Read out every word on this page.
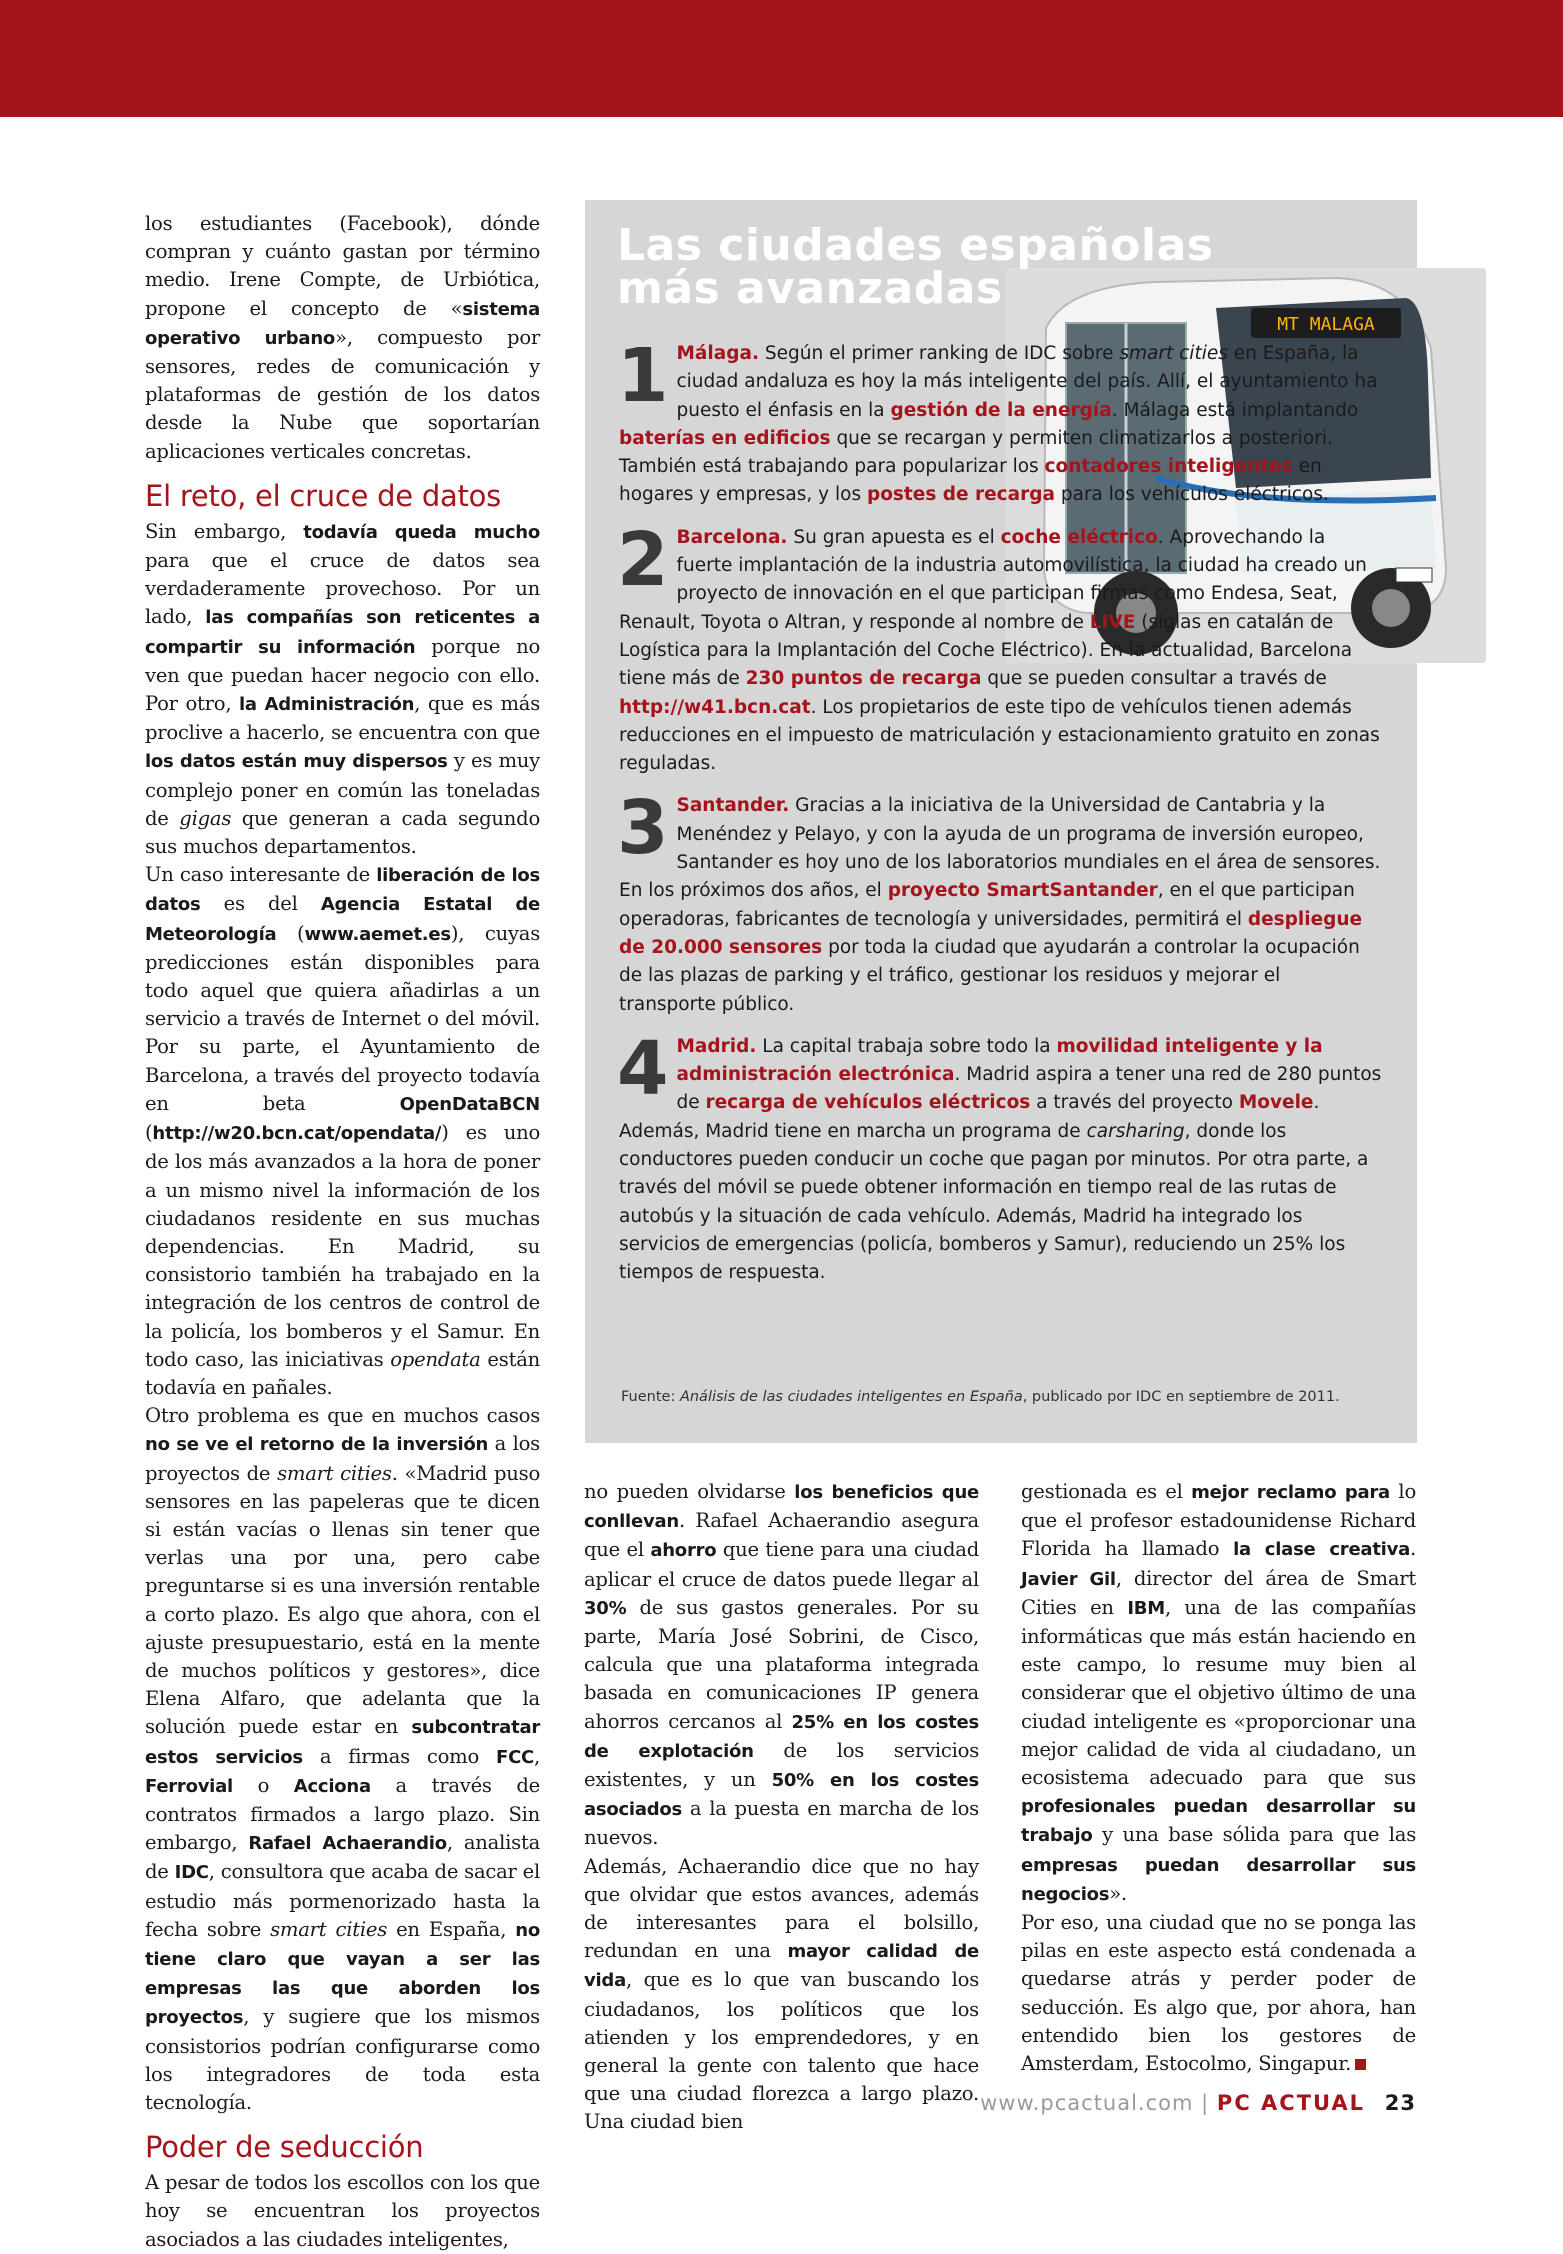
los estudiantes (Facebook), dónde compran y cuánto gastan por término medio. Irene Compte, de Urbiótica, propone el concepto de «sistema operativo urbano», compuesto por sensores, redes de comunicación y plataformas de gestión de los datos desde la Nube que soportarían aplicaciones verticales concretas.

El reto, el cruce de datos

Sin embargo, todavía queda mucho para que el cruce de datos sea verdaderamente provechoso. Por un lado, las compañías son reticentes a compartir su información porque no ven que puedan hacer negocio con ello. Por otro, la Administración, que es más proclive a hacerlo, se encuentra con que los datos están muy dispersos y es muy complejo poner en común las toneladas de gigas que generan a cada segundo sus muchos departamentos.

Un caso interesante de liberación de los datos es del Agencia Estatal de Meteorología (www.aemet.es), cuyas predicciones están disponibles para todo aquel que quiera añadirlas a un servicio a través de Internet o del móvil. Por su parte, el Ayuntamiento de Barcelona, a través del proyecto todavía en beta OpenDataBCN (http://w20.bcn.cat/opendata/) es uno de los más avanzados a la hora de poner a un mismo nivel la información de los ciudadanos residente en sus muchas dependencias. En Madrid, su consistorio también ha trabajado en la integración de los centros de control de la policía, los bomberos y el Samur. En todo caso, las iniciativas opendata están todavía en pañales.

Otro problema es que en muchos casos no se ve el retorno de la inversión a los proyectos de smart cities. «Madrid puso sensores en las papeleras que te dicen si están vacías o llenas sin tener que verlas una por una, pero cabe preguntarse si es una inversión rentable a corto plazo. Es algo que ahora, con el ajuste presupuestario, está en la mente de muchos políticos y gestores», dice Elena Alfaro, que adelanta que la solución puede estar en subcontratar estos servicios a firmas como FCC, Ferrovial o Acciona a través de contratos firmados a largo plazo. Sin embargo, Rafael Achaerandio, analista de IDC, consultora que acaba de sacar el estudio más pormenorizado hasta la fecha sobre smart cities en España, no tiene claro que vayan a ser las empresas las que aborden los proyectos, y sugiere que los mismos consistorios podrían configurarse como los integradores de toda esta tecnología.

Poder de seducción

A pesar de todos los escollos con los que hoy se encuentran los proyectos asociados a las ciudades inteligentes,

MT MALAGA
Las ciudades españolas
más avanzadas
1 Málaga. Según el primer ranking de IDC sobre smart cities en España, la ciudad andaluza es hoy la más inteligente del país. Allí, el ayuntamiento ha puesto el énfasis en la gestión de la energía. Málaga está implantando baterías en edificios que se recargan y permiten climatizarlos a posteriori. También está trabajando para popularizar los contadores inteligentes en hogares y empresas, y los postes de recarga para los vehículos eléctricos.

2 Barcelona. Su gran apuesta es el coche eléctrico. Aprovechando la fuerte implantación de la industria automovilística, la ciudad ha creado un proyecto de innovación en el que participan firmas como Endesa, Seat, Renault, Toyota o Altran, y responde al nombre de LIVE (siglas en catalán de Logística para la Implantación del Coche Eléctrico). En la actualidad, Barcelona tiene más de 230 puntos de recarga que se pueden consultar a través de http://w41.bcn.cat. Los propietarios de este tipo de vehículos tienen además reducciones en el impuesto de matriculación y estacionamiento gratuito en zonas reguladas.

3 Santander. Gracias a la iniciativa de la Universidad de Cantabria y la Menéndez y Pelayo, y con la ayuda de un programa de inversión europeo, Santander es hoy uno de los laboratorios mundiales en el área de sensores. En los próximos dos años, el proyecto SmartSantander, en el que participan operadoras, fabricantes de tecnología y universidades, permitirá el despliegue de 20.000 sensores por toda la ciudad que ayudarán a controlar la ocupación de las plazas de parking y el tráfico, gestionar los residuos y mejorar el transporte público.

4 Madrid. La capital trabaja sobre todo la movilidad inteligente y la administración electrónica. Madrid aspira a tener una red de 280 puntos de recarga de vehículos eléctricos a través del proyecto Movele. Además, Madrid tiene en marcha un programa de carsharing, donde los conductores pueden conducir un coche que pagan por minutos. Por otra parte, a través del móvil se puede obtener información en tiempo real de las rutas de autobús y la situación de cada vehículo. Además, Madrid ha integrado los servicios de emergencias (policía, bomberos y Samur), reduciendo un 25% los tiempos de respuesta.

Fuente: Análisis de las ciudades inteligentes en España, publicado por IDC en septiembre de 2011.

no pueden olvidarse los beneficios que conllevan. Rafael Achaerandio asegura que el ahorro que tiene para una ciudad aplicar el cruce de datos puede llegar al 30% de sus gastos generales. Por su parte, María José Sobrini, de Cisco, calcula que una plataforma integrada basada en comunicaciones IP genera ahorros cercanos al 25% en los costes de explotación de los servicios existentes, y un 50% en los costes asociados a la puesta en marcha de los nuevos.

Además, Achaerandio dice que no hay que olvidar que estos avances, además de interesantes para el bolsillo, redundan en una mayor calidad de vida, que es lo que van buscando los ciudadanos, los políticos que los atienden y los emprendedores, y en general la gente con talento que hace que una ciudad florezca a largo plazo. Una ciudad bien

gestionada es el mejor reclamo para lo que el profesor estadounidense Richard Florida ha llamado la clase creativa. Javier Gil, director del área de Smart Cities en IBM, una de las compañías informáticas que más están haciendo en este campo, lo resume muy bien al considerar que el objetivo último de una ciudad inteligente es «proporcionar una mejor calidad de vida al ciudadano, un ecosistema adecuado para que sus profesionales puedan desarrollar su trabajo y una base sólida para que las empresas puedan desarrollar sus negocios».

Por eso, una ciudad que no se ponga las pilas en este aspecto está condenada a quedarse atrás y perder poder de seducción. Es algo que, por ahora, han entendido bien los gestores de Amsterdam, Estocolmo, Singapur.

www.pcactual.com | PC ACTUAL 23
